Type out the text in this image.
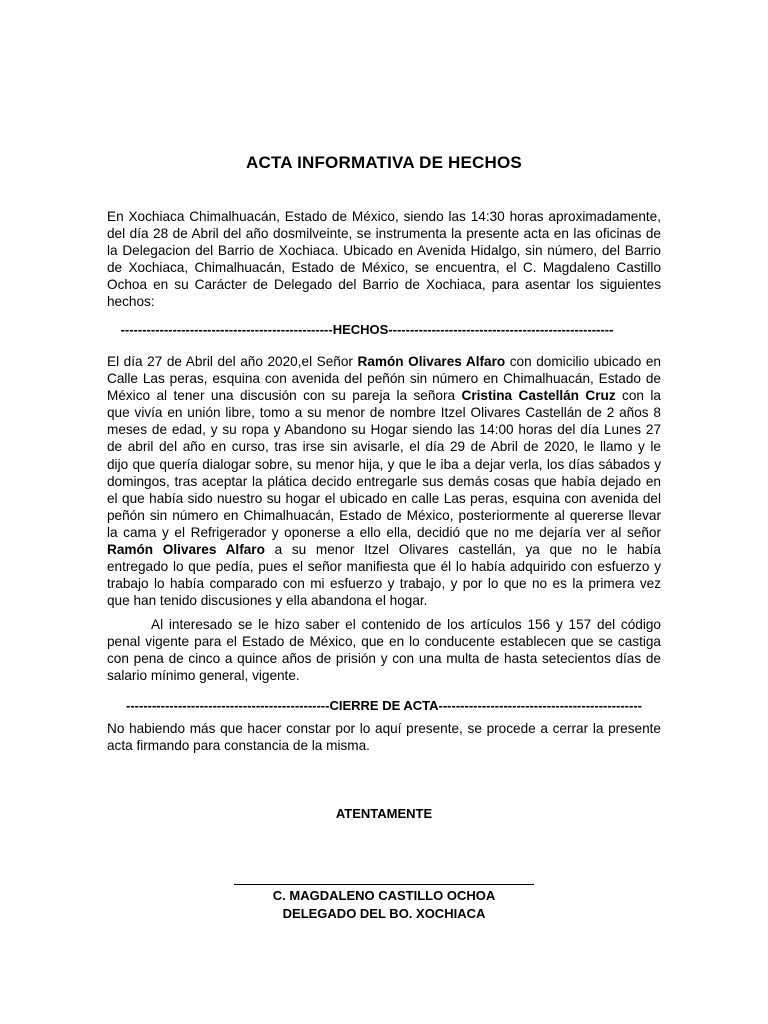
ACTA INFORMATIVA DE HECHOS
En Xochiaca Chimalhuacán, Estado de México, siendo las 14:30 horas aproximadamente,
del día 28 de Abril del año dosmilveinte, se instrumenta la presente acta en las oficinas de
la Delegacion del Barrio de Xochiaca. Ubicado en Avenida Hidalgo, sin número, del Barrio
de Xochiaca, Chimalhuacán, Estado de México, se encuentra, el C. Magdaleno Castillo
Ochoa en su Carácter de Delegado del Barrio de Xochiaca, para asentar los siguientes
hechos:
-------------------------------------------------HECHOS----------------------------------------------------
El día 27 de Abril del año 2020,el Señor Ramón Olivares Alfaro con domicilio ubicado en
Calle Las peras, esquina con avenida del peñón sin número en Chimalhuacán, Estado de
México al tener una discusión con su pareja la señora Cristina Castellán Cruz con la
que vivía en unión libre, tomo a su menor de nombre Itzel Olivares Castellán de 2 años 8
meses de edad, y su ropa y Abandono su Hogar siendo las 14:00 horas del día Lunes 27
de abril del año en curso, tras irse sin avisarle, el día 29 de Abril de 2020, le llamo y le
dijo que quería dialogar sobre, su menor hija, y que le iba a dejar verla, los días sábados y
domingos, tras aceptar la plática decido entregarle sus demás cosas que había dejado en
el que había sido nuestro su hogar el ubicado en calle Las peras, esquina con avenida del
peñón sin número en Chimalhuacán, Estado de México, posteriormente al quererse llevar
la cama y el Refrigerador y oponerse a ello ella, decidió que no me dejaría ver al señor
Ramón Olivares Alfaro a su menor Itzel Olivares castellán, ya que no le había
entregado lo que pedía, pues el señor manifiesta que él lo había adquirido con esfuerzo y
trabajo lo había comparado con mi esfuerzo y trabajo, y por lo que no es la primera vez
que han tenido discusiones y ella abandona el hogar.
Al interesado se le hizo saber el contenido de los artículos 156 y 157 del código
penal vigente para el Estado de México, que en lo conducente establecen que se castiga
con pena de cinco a quince años de prisión y con una multa de hasta setecientos días de
salario mínimo general, vigente.
-----------------------------------------------CIERRE DE ACTA-----------------------------------------------
No habiendo más que hacer constar por lo aquí presente, se procede a cerrar la presente
acta firmando para constancia de la misma.
ATENTAMENTE
C. MAGDALENO CASTILLO OCHOA
DELEGADO DEL BO. XOCHIACA
